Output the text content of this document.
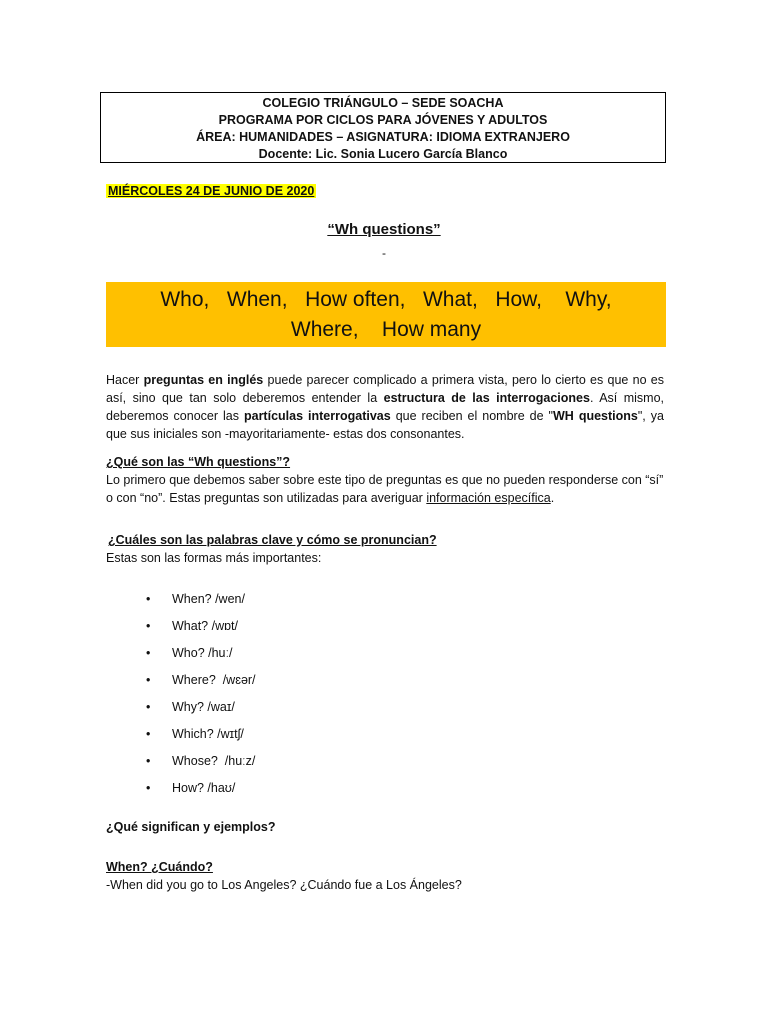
COLEGIO TRIÁNGULO – SEDE SOACHA
PROGRAMA POR CICLOS PARA JÓVENES Y ADULTOS
ÁREA: HUMANIDADES – ASIGNATURA: IDIOMA EXTRANJERO
Docente: Lic. Sonia Lucero García Blanco
MIÉRCOLES 24 DE JUNIO DE 2020
“Wh questions”
-
Who,   When,   How often,   What,   How,    Why,
Where,    How many
Hacer preguntas en inglés puede parecer complicado a primera vista, pero lo cierto es que no es así, sino que tan solo deberemos entender la estructura de las interrogaciones. Así mismo, deberemos conocer las partículas interrogativas que reciben el nombre de "WH questions", ya que sus iniciales son -mayoritariamente- estas dos consonantes.
¿Qué son las “Wh questions”?
Lo primero que debemos saber sobre este tipo de preguntas es que no pueden responderse con “sí” o con “no”. Estas preguntas son utilizadas para averiguar información específica.
¿Cuáles son las palabras clave y cómo se pronuncian?
Estas son las formas más importantes:
• When? /wen/
• What? /wɒt/
• Who? /huː/
• Where?  /wɛər/
• Why? /waɪ/
• Which? /wɪtʃ/
• Whose?  /huːz/
• How? /haʊ/
¿Qué significan y ejemplos?
When? ¿Cuándo?
-When did you go to Los Angeles? ¿Cuándo fue a Los Ángeles?
